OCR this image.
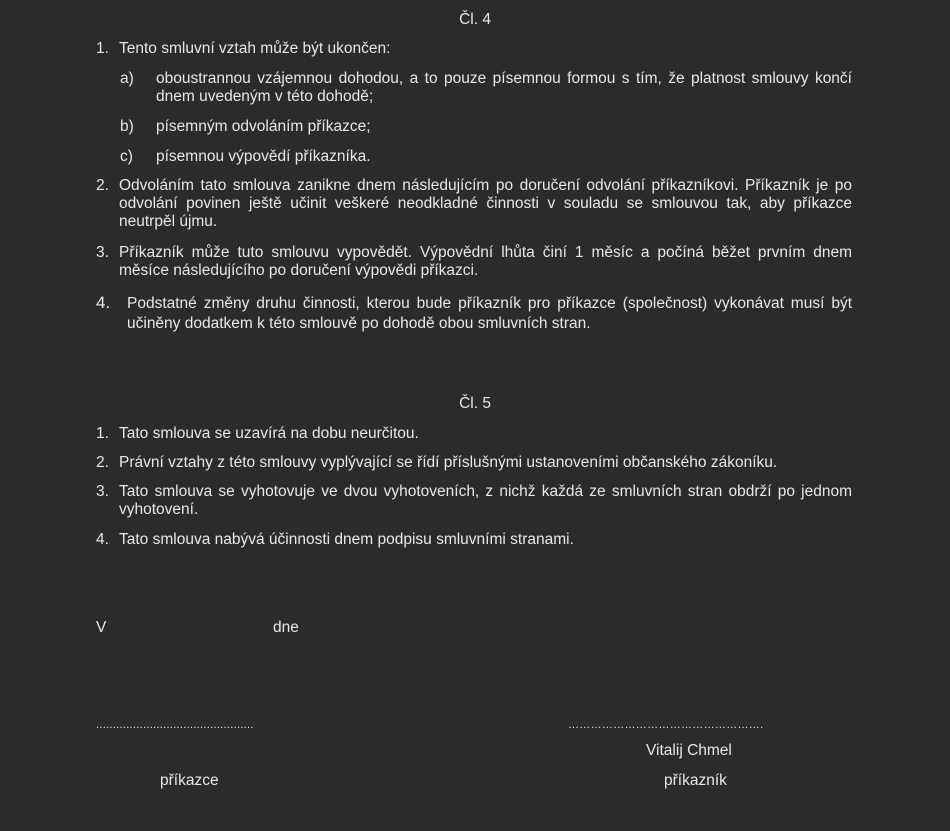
Čl. 4
1. Tento smluvní vztah může být ukončen:
a) oboustrannou vzájemnou dohodou, a to pouze písemnou formou s tím, že platnost smlouvy končí dnem uvedeným v této dohodě;
b) písemným odvoláním příkazce;
c) písemnou výpovědí příkazníka.
2. Odvoláním tato smlouva zanikne dnem následujícím po doručení odvolání příkazníkovi. Příkazník je po odvolání povinen ještě učinit veškeré neodkladné činnosti v souladu se smlouvou tak, aby příkazce neutrpěl újmu.
3. Příkazník může tuto smlouvu vypovědět. Výpovědní lhůta činí 1 měsíc a počíná běžet prvním dnem měsíce následujícího po doručení výpovědi příkazci.
4. Podstatné změny druhu činnosti, kterou bude příkazník pro příkazce (společnost) vykonávat musí být učiněny dodatkem k této smlouvě po dohodě obou smluvních stran.
Čl. 5
1. Tato smlouva se uzavírá na dobu neurčitou.
2. Právní vztahy z této smlouvy vyplývající se řídí příslušnými ustanoveními občanského zákoníku.
3. Tato smlouva se vyhotovuje ve dvou vyhotoveních, z nichž každá ze smluvních stran obdrží po jednom vyhotovení.
4. Tato smlouva nabývá účinnosti dnem podpisu smluvními stranami.
V	dne
...............................................	…………………………………………….
Vitalij Chmel
příkazce	příkazník
